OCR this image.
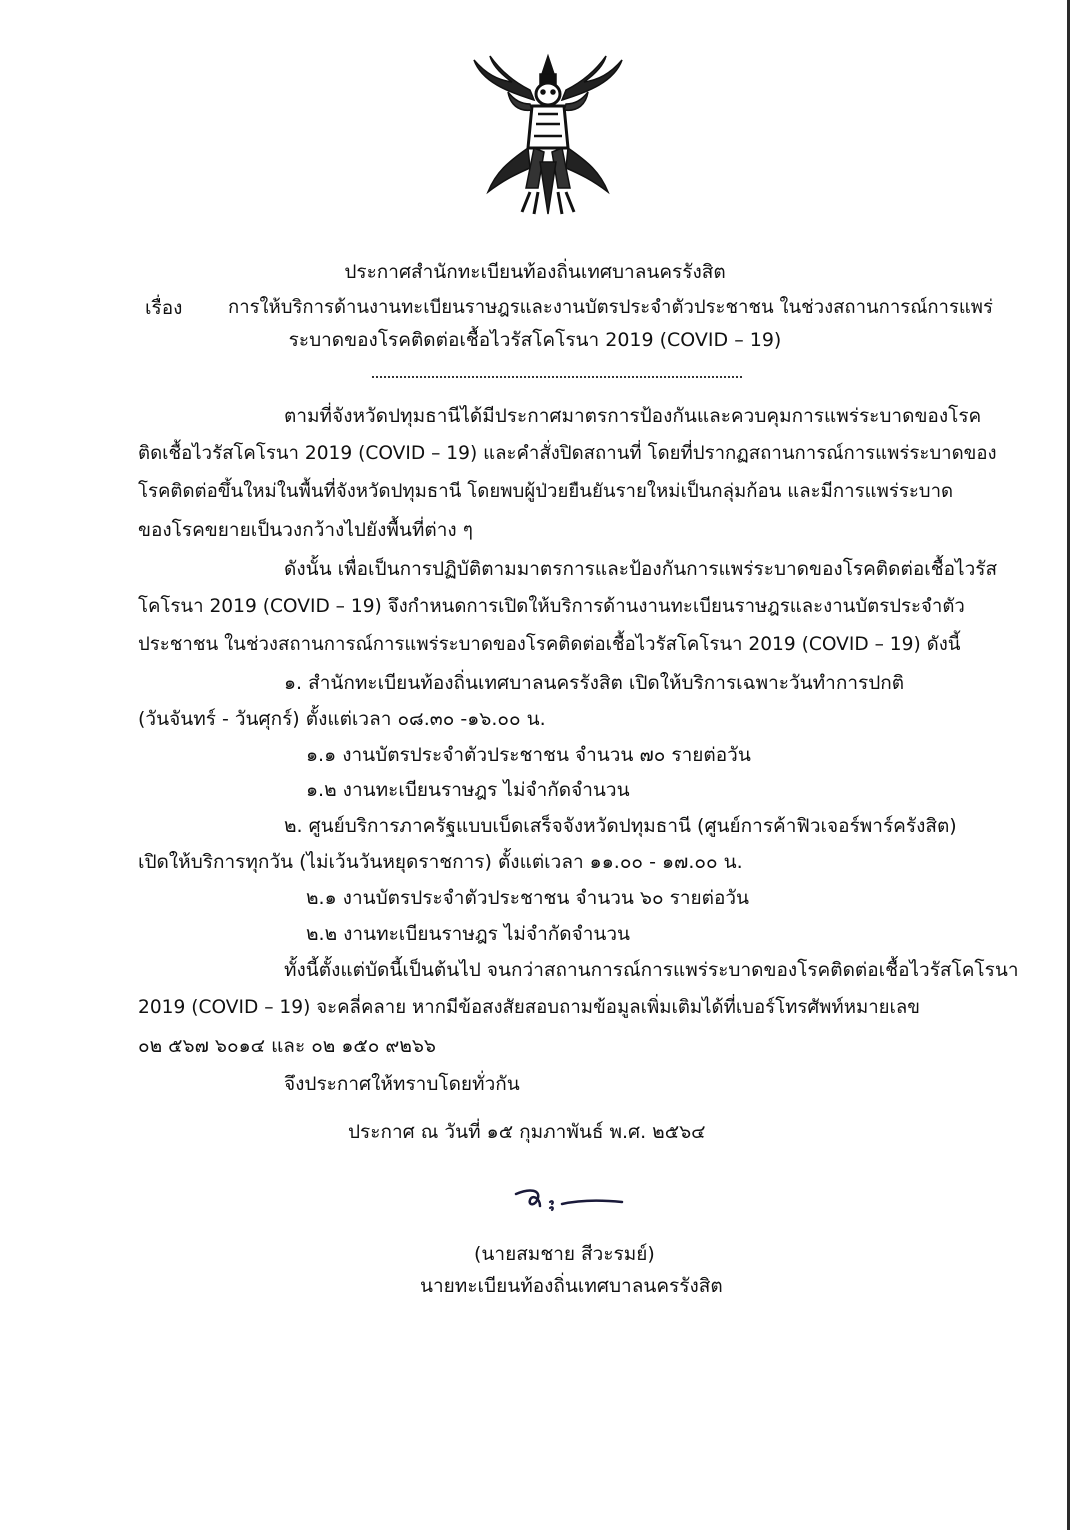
ประกาศสำนักทะเบียนท้องถิ่นเทศบาลนครรังสิต
เรื่อง การให้บริการด้านงานทะเบียนราษฎรและงานบัตรประจำตัวประชาชน ในช่วงสถานการณ์การแพร่
ระบาดของโรคติดต่อเชื้อไวรัสโคโรนา 2019 (COVID – 19)
ตามที่จังหวัดปทุมธานีได้มีประกาศมาตรการป้องกันและควบคุมการแพร่ระบาดของโรค
ติดเชื้อไวรัสโคโรนา 2019 (COVID – 19) และคำสั่งปิดสถานที่ โดยที่ปรากฏสถานการณ์การแพร่ระบาดของ
โรคติดต่อขึ้นใหม่ในพื้นที่จังหวัดปทุมธานี โดยพบผู้ป่วยยืนยันรายใหม่เป็นกลุ่มก้อน และมีการแพร่ระบาด
ของโรคขยายเป็นวงกว้างไปยังพื้นที่ต่าง ๆ
ดังนั้น เพื่อเป็นการปฏิบัติตามมาตรการและป้องกันการแพร่ระบาดของโรคติดต่อเชื้อไวรัส
โคโรนา 2019 (COVID – 19) จึงกำหนดการเปิดให้บริการด้านงานทะเบียนราษฎรและงานบัตรประจำตัว
ประชาชน ในช่วงสถานการณ์การแพร่ระบาดของโรคติดต่อเชื้อไวรัสโคโรนา 2019 (COVID – 19) ดังนี้
๑. สำนักทะเบียนท้องถิ่นเทศบาลนครรังสิต เปิดให้บริการเฉพาะวันทำการปกติ
(วันจันทร์ - วันศุกร์) ตั้งแต่เวลา ๐๘.๓๐ -๑๖.๐๐ น.
๑.๑ งานบัตรประจำตัวประชาชน จำนวน ๗๐ รายต่อวัน
๑.๒ งานทะเบียนราษฎร ไม่จำกัดจำนวน
๒. ศูนย์บริการภาครัฐแบบเบ็ดเสร็จจังหวัดปทุมธานี (ศูนย์การค้าฟิวเจอร์พาร์ครังสิต)
เปิดให้บริการทุกวัน (ไม่เว้นวันหยุดราชการ) ตั้งแต่เวลา ๑๑.๐๐ - ๑๗.๐๐ น.
๒.๑ งานบัตรประจำตัวประชาชน จำนวน ๖๐ รายต่อวัน
๒.๒ งานทะเบียนราษฎร ไม่จำกัดจำนวน
ทั้งนี้ตั้งแต่บัดนี้เป็นต้นไป จนกว่าสถานการณ์การแพร่ระบาดของโรคติดต่อเชื้อไวรัสโคโรนา
2019 (COVID – 19) จะคลี่คลาย หากมีข้อสงสัยสอบถามข้อมูลเพิ่มเติมได้ที่เบอร์โทรศัพท์หมายเลข
๐๒ ๕๖๗ ๖๐๑๔ และ ๐๒ ๑๕๐ ๙๒๖๖
จึงประกาศให้ทราบโดยทั่วกัน
ประกาศ ณ วันที่ ๑๕ กุมภาพันธ์ พ.ศ. ๒๕๖๔
(นายสมชาย สีวะรมย์)
นายทะเบียนท้องถิ่นเทศบาลนครรังสิต
